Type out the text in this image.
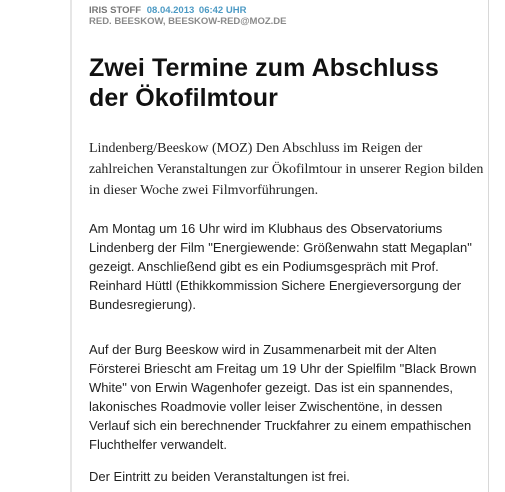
IRIS STOFF 08.04.2013 06:42 UHR
RED. BEESKOW, BEESKOW-RED@MOZ.DE
Zwei Termine zum Abschluss
der Ökofilmtour

Lindenberg/Beeskow (MOZ) Den Abschluss im Reigen der zahlreichen Veranstaltungen zur Ökofilmtour in unserer Region bilden in dieser Woche zwei Filmvorführungen.

Am Montag um 16 Uhr wird im Klubhaus des Observatoriums Lindenberg der Film "Energiewende: Größenwahn statt Megaplan" gezeigt. Anschließend gibt es ein Podiumsgespräch mit Prof. Reinhard Hüttl (Ethikkommission Sichere Energieversorgung der Bundesregierung).

Auf der Burg Beeskow wird in Zusammenarbeit mit der Alten Försterei Briescht am Freitag um 19 Uhr der Spielfilm "Black Brown White" von Erwin Wagenhofer gezeigt. Das ist ein spannendes, lakonisches Roadmovie voller leiser Zwischentöne, in dessen Verlauf sich ein berechnender Truckfahrer zu einem empathischen Fluchthelfer verwandelt.

Der Eintritt zu beiden Veranstaltungen ist frei.
